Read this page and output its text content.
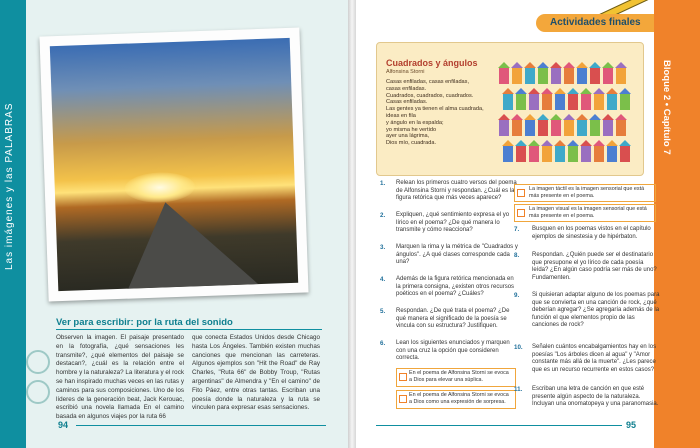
Las imágenes y las PALABRAS
Ver para escribir: por la ruta del sonido
Observen la imagen. El paisaje presentado en la fotografía, ¿qué sensaciones les transmite?, ¿qué elementos del paisaje se destacan?, ¿cuál es la relación entre el hombre y la naturaleza? La literatura y el rock se han inspirado muchas veces en las rutas y caminos para sus composiciones. Uno de los líderes de la generación beat, Jack Kerouac, escribió una novela llamada En el camino basada en algunos viajes por la ruta 66
que conecta Estados Unidos desde Chicago hasta Los Ángeles. También existen muchas canciones que mencionan las carreteras. Algunos ejemplos son "Hit the Road" de Ray Charles, "Ruta 66" de Bobby Troup, "Rutas argentinas" de Almendra y "En el camino" de Fito Páez, entre otras tantas. Escriban una poesía donde la naturaleza y la ruta se vinculen para expresar esas sensaciones.
94
Bloque 2 • Capítulo 7
Actividades finales
Cuadrados y ángulos
Alfonsina Storni
Casas enfiladas, casas enfiladas,
casas enfiladas.
Cuadrados, cuadrados, cuadrados.
Casas enfiladas.
Las gentes ya tienen el alma cuadrada,
ideas en fila
y ángulo en la espalda;
yo misma he vertido
ayer una lágrima,
Dios mío, cuadrada.
1. Relean los primeros cuatro versos del poema de Alfonsina Storni y respondan. ¿Cuál es la figura retórica que más veces aparece?
2. Expliquen, ¿qué sentimiento expresa el yo lírico en el poema? ¿De qué manera lo transmite y cómo reacciona?
3. Marquen la rima y la métrica de "Cuadrados y ángulos". ¿A qué clases corresponde cada una?
4. Además de la figura retórica mencionada en la primera consigna, ¿existen otros recursos poéticos en el poema? ¿Cuáles?
5. Respondan. ¿De qué trata el poema? ¿De qué manera el significado de la poesía se vincula con su estructura? Justifiquen.
6. Lean los siguientes enunciados y marquen con una cruz la opción que consideren correcta.
En el poema de Alfonsina Storni se evoca a Dios para elevar una súplica.
En el poema de Alfonsina Storni se evoca a Dios como una expresión de sorpresa.
La imagen táctil es la imagen sensorial que está más presente en el poema.
La imagen visual es la imagen sensorial que está más presente en el poema.
7. Busquen en los poemas vistos en el capítulo ejemplos de sinestesia y de hipérbaton.
8. Respondan. ¿Quién puede ser el destinatario que presupone el yo lírico de cada poesía leída? ¿En algún caso podría ser más de uno? Fundamenten.
9. Si quisieran adaptar alguno de los poemas para que se convierta en una canción de rock, ¿qué deberían agregar? ¿Se agregaría además de la función el que elementos propio de las canciones de rock?
10. Señalen cuántos encabalgamientos hay en los poesías "Los árboles dicen al agua" y "Amor constante más allá de la muerte". ¿Les parece que es un recurso recurrente en estos casos?
11. Escriban una letra de canción en que esté presente algún aspecto de la naturaleza. Incluyan una onomatopeya y una paranomasia.
95
